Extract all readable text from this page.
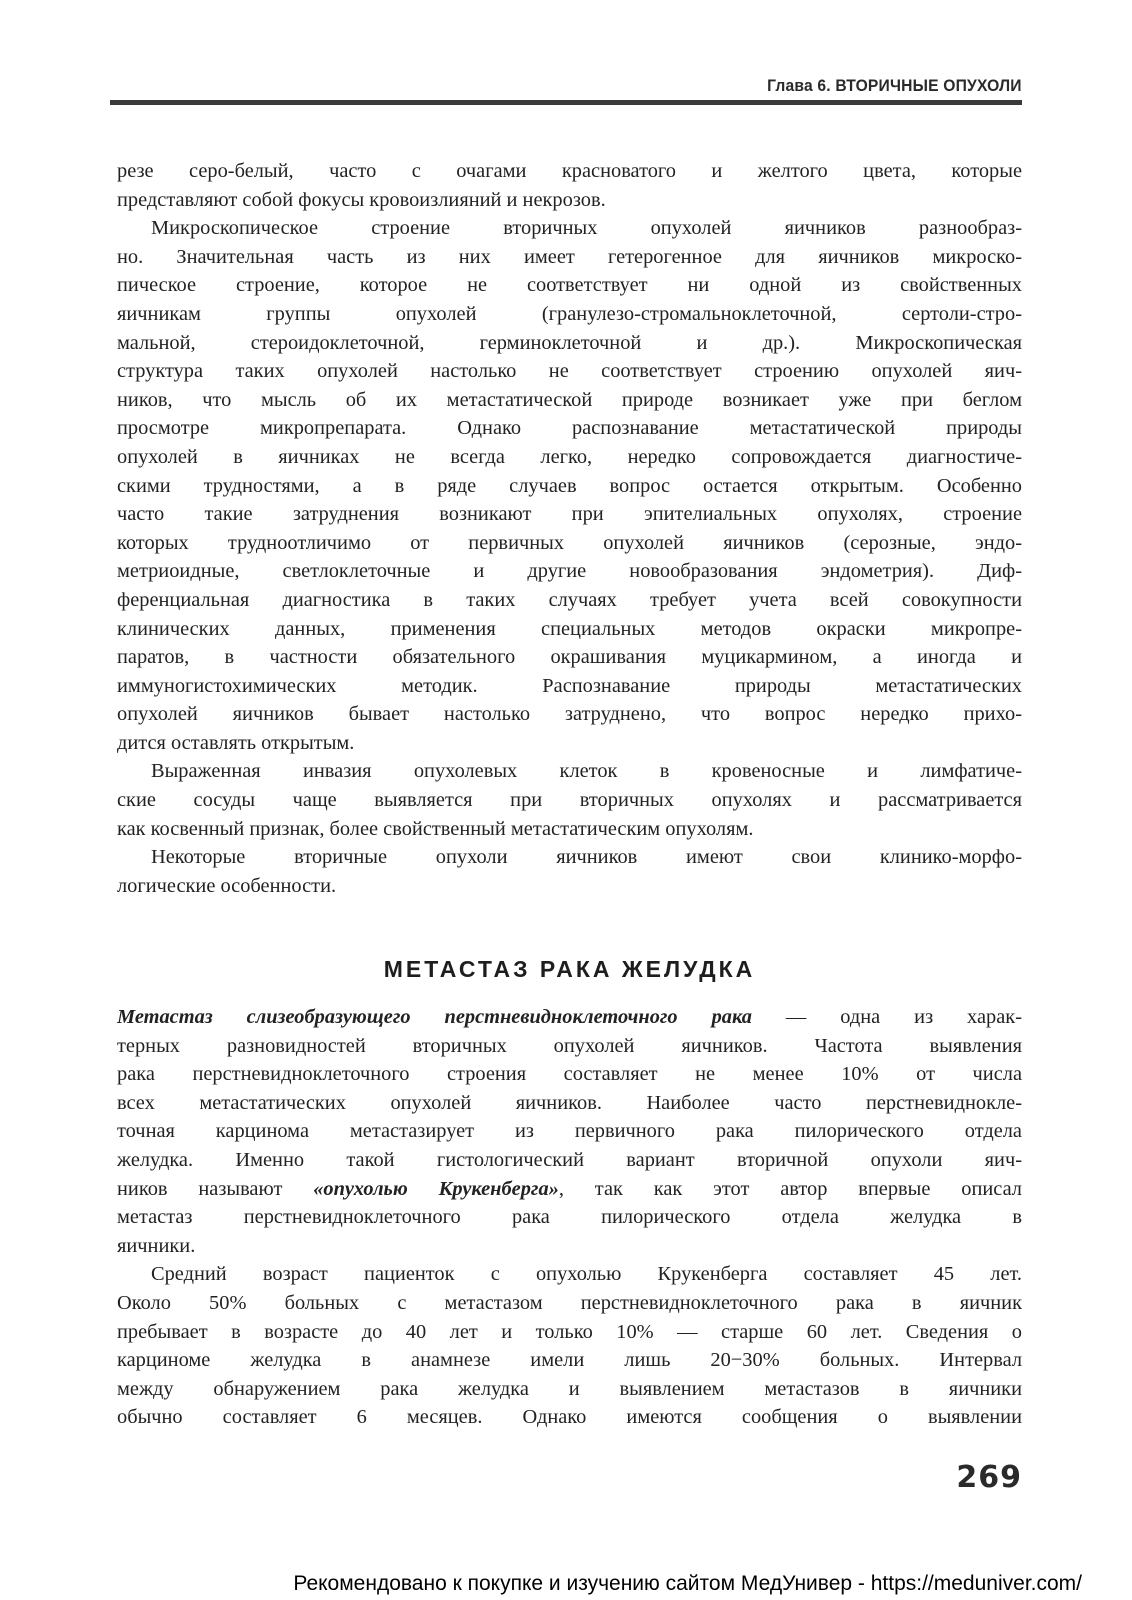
Глава 6. ВТОРИЧНЫЕ ОПУХОЛИ
резе серо-белый, часто с очагами красноватого и желтого цвета, которые
представляют собой фокусы кровоизлияний и некрозов.
Микроскопическое строение вторичных опухолей яичников разнообраз-
но. Значительная часть из них имеет гетерогенное для яичников микроско-
пическое строение, которое не соответствует ни одной из свойственных
яичникам группы опухолей (гранулезо-стромальноклеточной, сертоли-стро-
мальной, стероидоклеточной, герминоклеточной и др.). Микроскопическая
структура таких опухолей настолько не соответствует строению опухолей яич-
ников, что мысль об их метастатической природе возникает уже при беглом
просмотре микропрепарата. Однако распознавание метастатической природы
опухолей в яичниках не всегда легко, нередко сопровождается диагностиче-
скими трудностями, а в ряде случаев вопрос остается открытым. Особенно
часто такие затруднения возникают при эпителиальных опухолях, строение
которых трудноотличимо от первичных опухолей яичников (серозные, эндо-
метриоидные, светлоклеточные и другие новообразования эндометрия). Диф-
ференциальная диагностика в таких случаях требует учета всей совокупности
клинических данных, применения специальных методов окраски микропре-
паратов, в частности обязательного окрашивания муцикармином, а иногда и
иммуногистохимических методик. Распознавание природы метастатических
опухолей яичников бывает настолько затруднено, что вопрос нередко прихо-
дится оставлять открытым.
Выраженная инвазия опухолевых клеток в кровеносные и лимфатиче-
ские сосуды чаще выявляется при вторичных опухолях и рассматривается
как косвенный признак, более свойственный метастатическим опухолям.
Некоторые вторичные опухоли яичников имеют свои клинико-морфо-
логические особенности.
МЕТАСТАЗ РАКА ЖЕЛУДКА
Метастаз слизеобразующего перстневидноклеточного рака — одна из харак-
терных разновидностей вторичных опухолей яичников. Частота выявления
рака перстневидноклеточного строения составляет не менее 10% от числа
всех метастатических опухолей яичников. Наиболее часто перстневиднокле-
точная карцинома метастазирует из первичного рака пилорического отдела
желудка. Именно такой гистологический вариант вторичной опухоли яич-
ников называют «опухолью Крукенберга», так как этот автор впервые описал
метастаз перстневидноклеточного рака пилорического отдела желудка в
яичники.
Средний возраст пациенток с опухолью Крукенберга составляет 45 лет.
Около 50% больных с метастазом перстневидноклеточного рака в яичник
пребывает в возрасте до 40 лет и только 10% — старше 60 лет. Сведения о
карциноме желудка в анамнезе имели лишь 20−30% больных. Интервал
между обнаружением рака желудка и выявлением метастазов в яичники
обычно составляет 6 месяцев. Однако имеются сообщения о выявлении
269
Рекомендовано к покупке и изучению сайтом МедУнивер - https://meduniver.com/
